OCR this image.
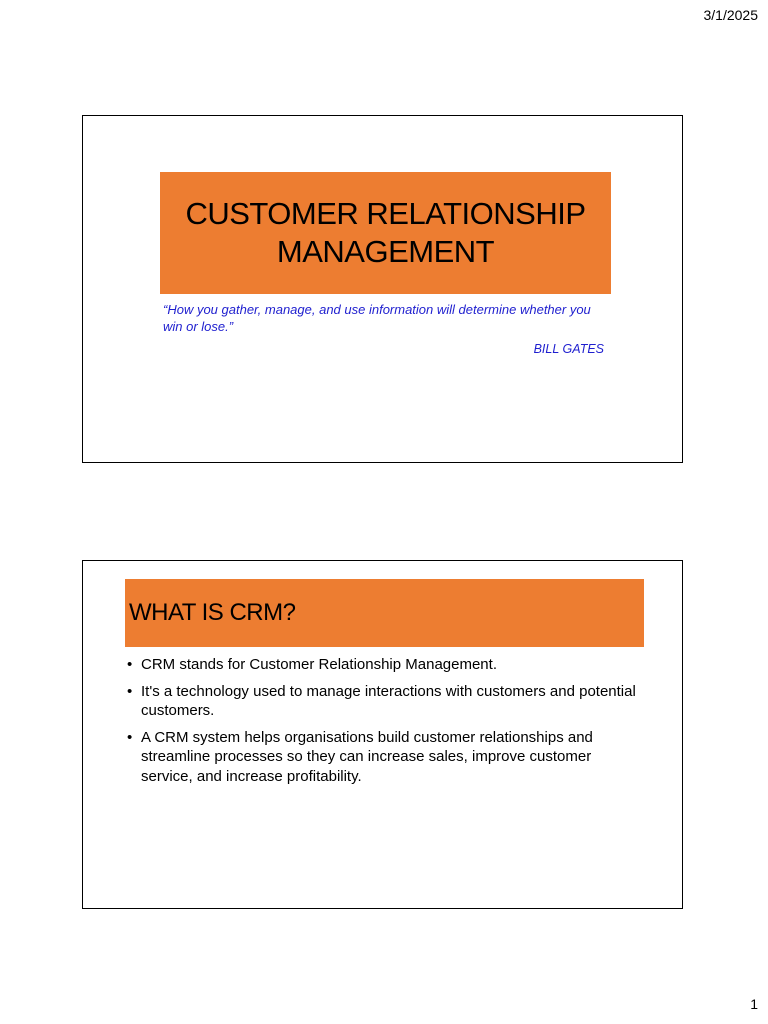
3/1/2025
CUSTOMER RELATIONSHIP MANAGEMENT
“How you gather, manage, and use information will determine whether you win or lose.”
BILL GATES
WHAT IS CRM?
• CRM stands for Customer Relationship Management.
• It's a technology used to manage interactions with customers and potential customers.
• A CRM system helps organisations build customer relationships and streamline processes so they can increase sales, improve customer service, and increase profitability.
1
